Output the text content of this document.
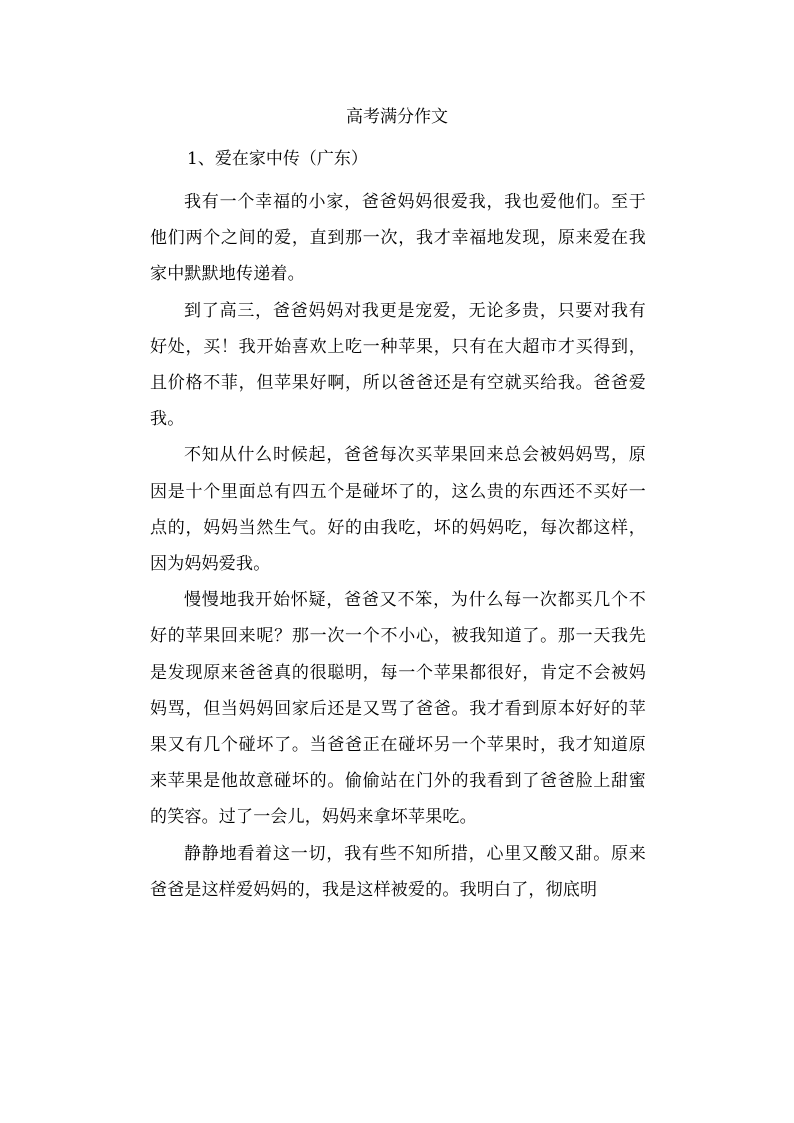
高考满分作文

1、爱在家中传（广东）

我有一个幸福的小家，爸爸妈妈很爱我，我也爱他们。至于他们两个之间的爱，直到那一次，我才幸福地发现，原来爱在我家中默默地传递着。

到了高三，爸爸妈妈对我更是宠爱，无论多贵，只要对我有好处，买！我开始喜欢上吃一种苹果，只有在大超市才买得到，且价格不菲，但苹果好啊，所以爸爸还是有空就买给我。爸爸爱我。

不知从什么时候起，爸爸每次买苹果回来总会被妈妈骂，原因是十个里面总有四五个是碰坏了的，这么贵的东西还不买好一点的，妈妈当然生气。好的由我吃，坏的妈妈吃，每次都这样，因为妈妈爱我。

慢慢地我开始怀疑，爸爸又不笨，为什么每一次都买几个不好的苹果回来呢？那一次一个不小心，被我知道了。那一天我先是发现原来爸爸真的很聪明，每一个苹果都很好，肯定不会被妈妈骂，但当妈妈回家后还是又骂了爸爸。我才看到原本好好的苹果又有几个碰坏了。当爸爸正在碰坏另一个苹果时，我才知道原来苹果是他故意碰坏的。偷偷站在门外的我看到了爸爸脸上甜蜜的笑容。过了一会儿，妈妈来拿坏苹果吃。

静静地看着这一切，我有些不知所措，心里又酸又甜。原来爸爸是这样爱妈妈的，我是这样被爱的。我明白了，彻底明
